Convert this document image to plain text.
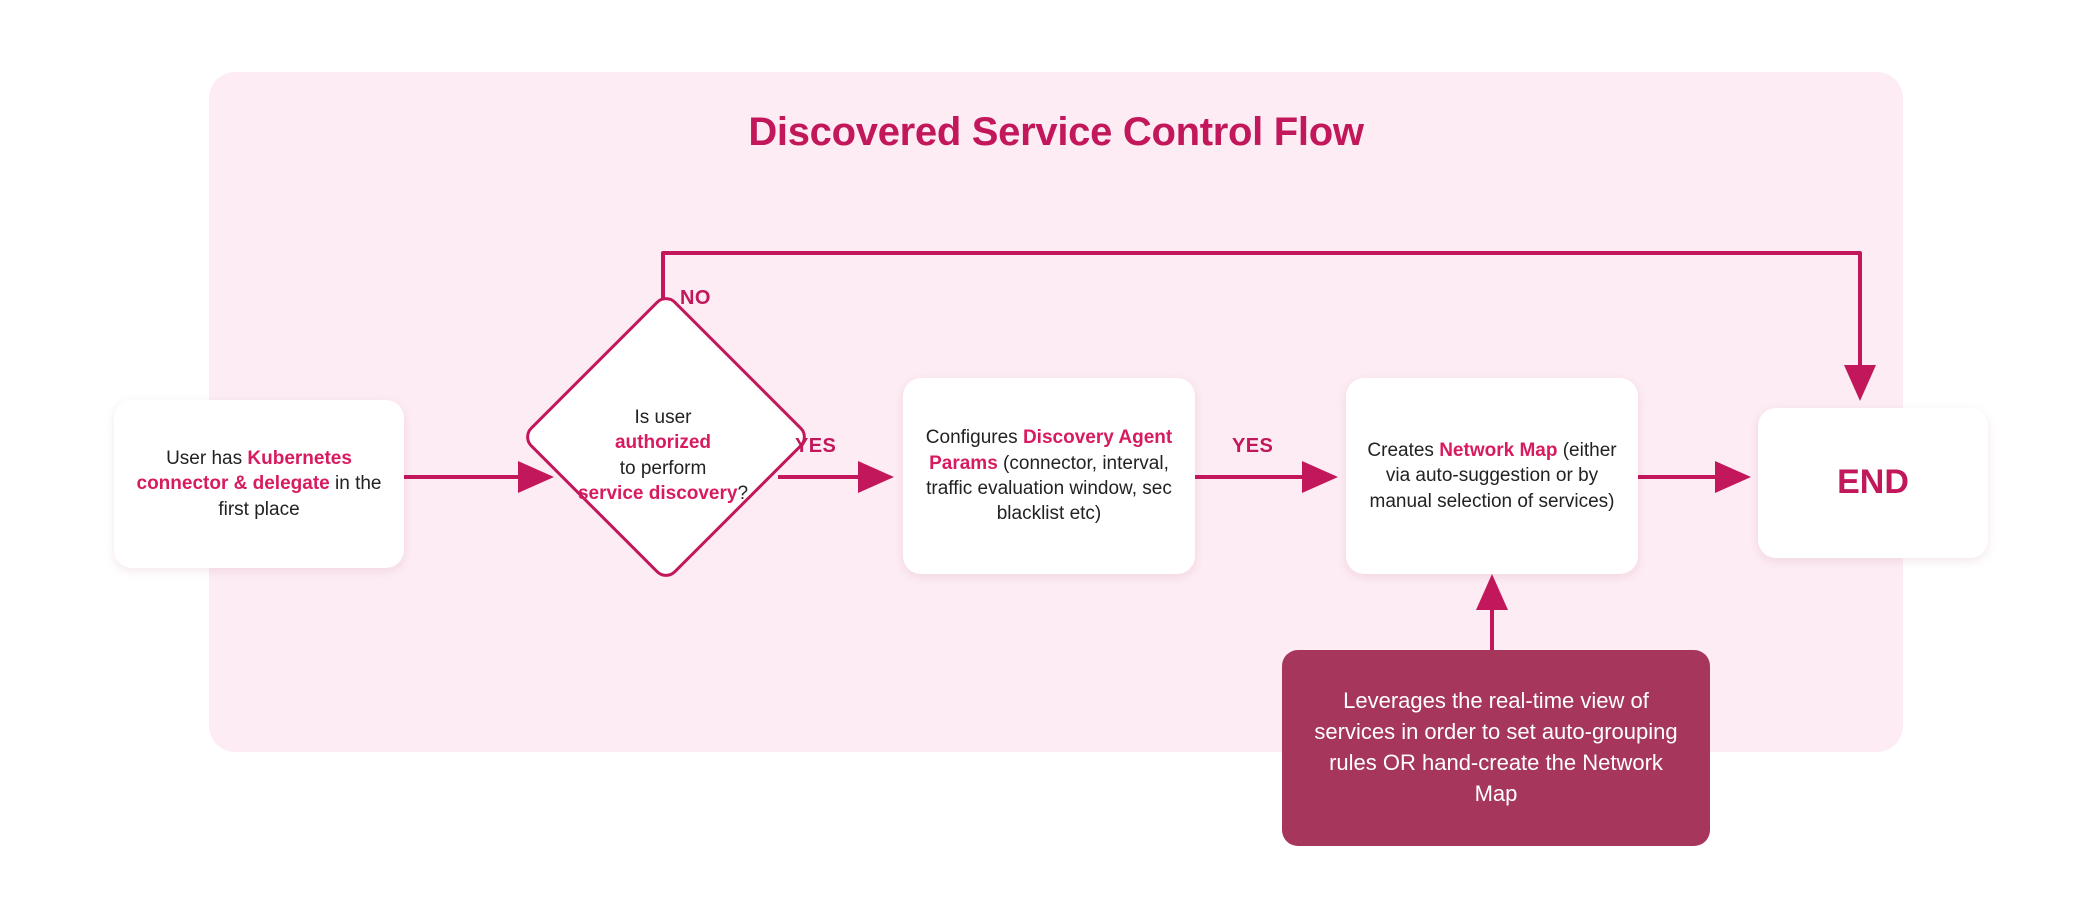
Discovered Service Control Flow
User has Kubernetes connector & delegate in the first place
Is user
authorized
to perform
service discovery?
Configures Discovery Agent Params (connector, interval, traffic evaluation window, sec blacklist etc)
Creates Network Map (either via auto-suggestion or by manual selection of services)	END
Leverages the real-time view of services in order to set auto-grouping rules OR hand-create the Network Map
NO
YES	YES
